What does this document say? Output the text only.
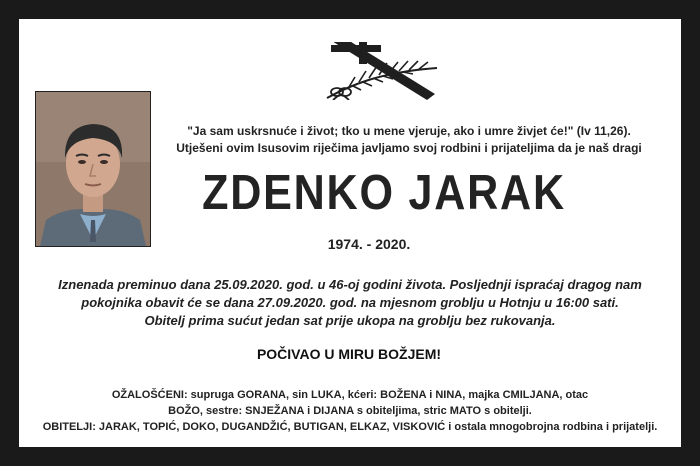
"Ja sam uskrsnuće i život; tko u mene vjeruje, ako i umre živjet će!" (Iv 11,26).
Utješeni ovim Isusovim riječima javljamo svoj rodbini i prijateljima da je naš dragi
ZDENKO JARAK
1974. - 2020.
Iznenada preminuo dana 25.09.2020. god. u 46-oj godini života. Posljednji ispraćaj dragog nam
pokojnika obavit će se dana 27.09.2020. god. na mjesnom groblju u Hotnju u 16:00 sati.
Obitelj prima sućut jedan sat prije ukopa na groblju bez rukovanja.
POČIVAO U MIRU BOŽJEM!
OŽALOŠĆENI: supruga GORANA, sin LUKA, kćeri: BOŽENA i NINA, majka CMILJANA, otac
BOŽO, sestre: SNJEŽANA i DIJANA s obiteljima, stric MATO s obitelji.
OBITELJI: JARAK, TOPIĆ, DOKO, DUGANDŽIĆ, BUTIGAN, ELKAZ, VISKOVIĆ i ostala mnogobrojna rodbina i prijatelji.
